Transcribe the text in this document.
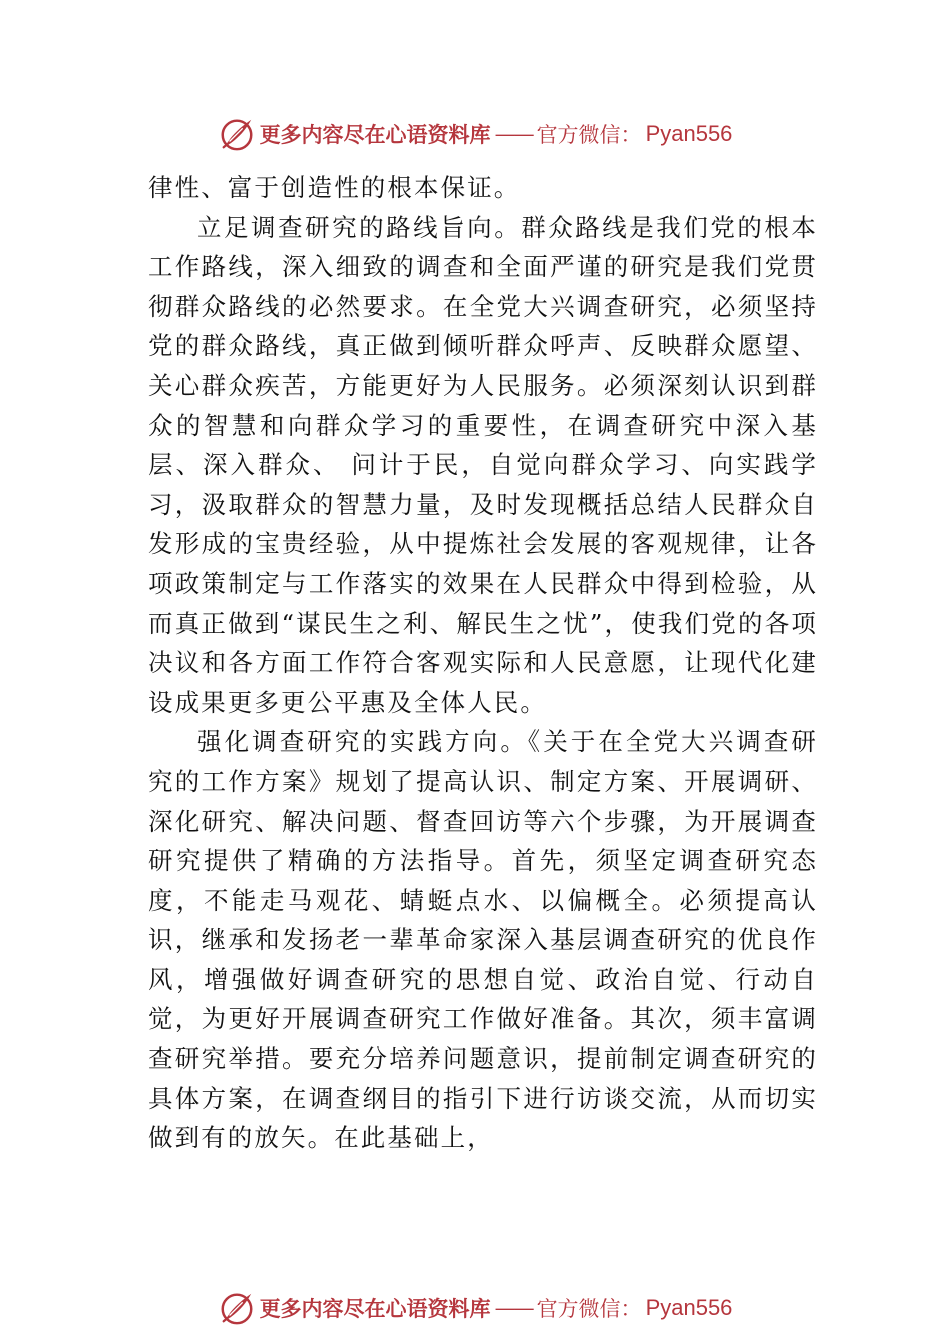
更多内容尽在心语资料库 —— 官方微信： Pyan556

律性、富于创造性的根本保证。

立足调查研究的路线旨向。群众路线是我们党的根本工作路线，深入细致的调查和全面严谨的研究是我们党贯彻群众路线的必然要求。在全党大兴调查研究，必须坚持党的群众路线，真正做到倾听群众呼声、反映群众愿望、关心群众疾苦，方能更好为人民服务。必须深刻认识到群众的智慧和向群众学习的重要性，在调查研究中深入基层、深入群众、 问计于民，自觉向群众学习、向实践学习，汲取群众的智慧力量，及时发现概括总结人民群众自发形成的宝贵经验，从中提炼社会发展的客观规律，让各项政策制定与工作落实的效果在人民群众中得到检验，从而真正做到“谋民生之利、解民生之忧”，使我们党的各项决议和各方面工作符合客观实际和人民意愿，让现代化建设成果更多更公平惠及全体人民。

强化调查研究的实践方向。《关于在全党大兴调查研究的工作方案》规划了提高认识、制定方案、开展调研、深化研究、解决问题、督查回访等六个步骤，为开展调查研究提供了精确的方法指导。首先，须坚定调查研究态度，不能走马观花、蜻蜓点水、以偏概全。必须提高认识，继承和发扬老一辈革命家深入基层调查研究的优良作风，增强做好调查研究的思想自觉、政治自觉、行动自觉，为更好开展调查研究工作做好准备。其次，须丰富调查研究举措。要充分培养问题意识，提前制定调查研究的具体方案，在调查纲目的指引下进行访谈交流，从而切实做到有的放矢。在此基础上，

更多内容尽在心语资料库 —— 官方微信： Pyan556
